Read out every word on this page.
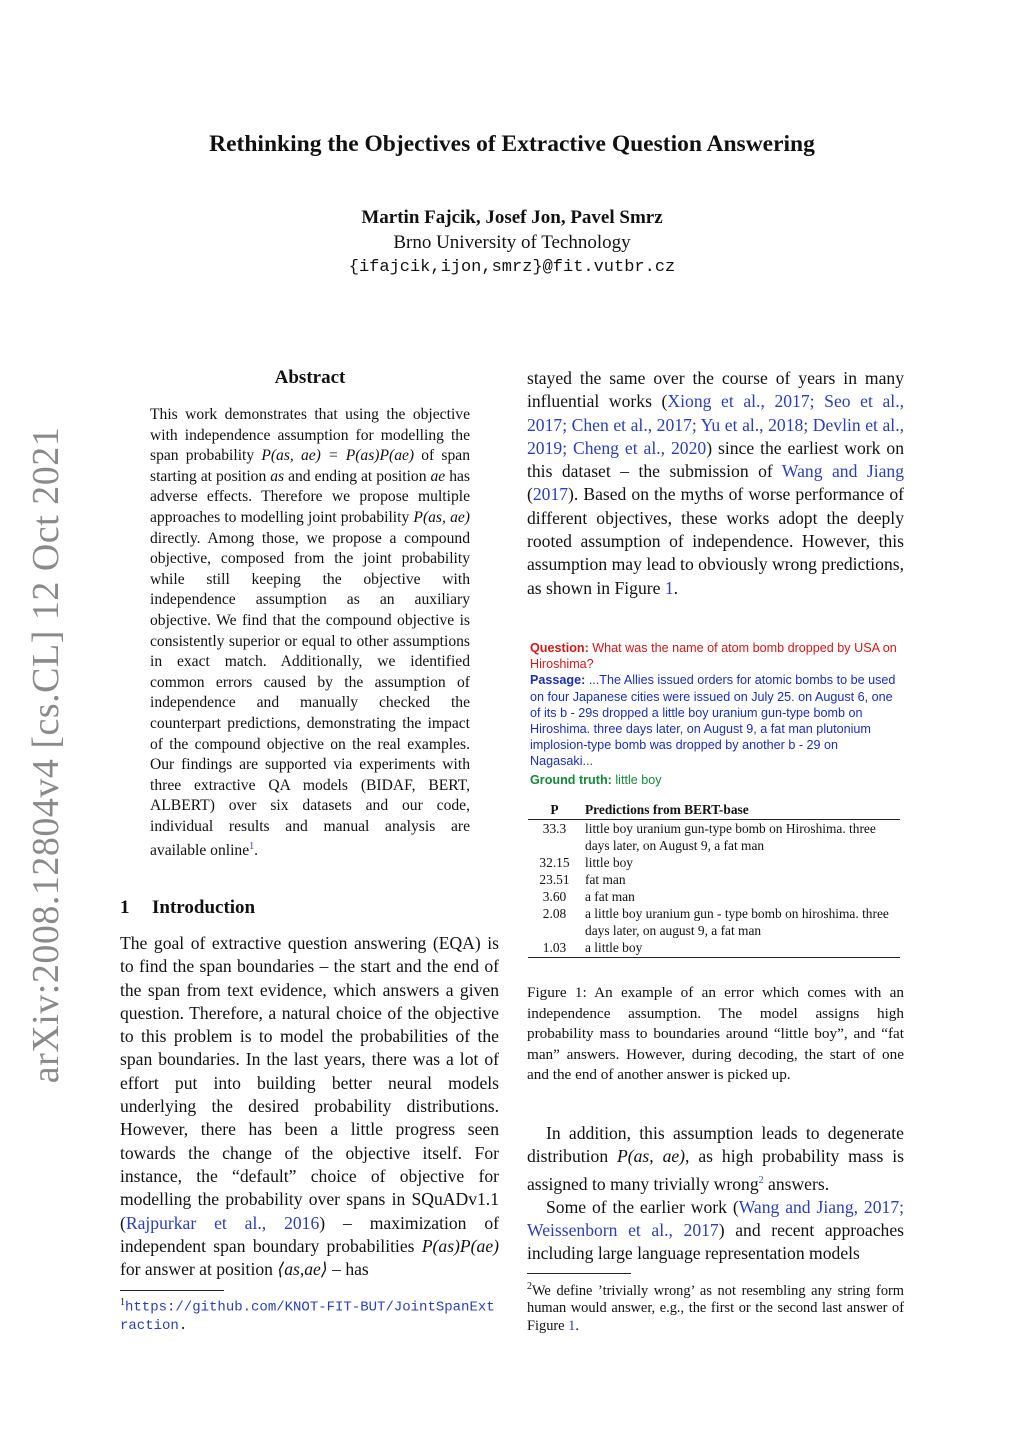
arXiv:2008.12804v4 [cs.CL] 12 Oct 2021
Rethinking the Objectives of Extractive Question Answering
Martin Fajcik, Josef Jon, Pavel Smrz
Brno University of Technology
{ifajcik,ijon,smrz}@fit.vutbr.cz
Abstract
This work demonstrates that using the objective with independence assumption for modelling the span probability P(as, ae) = P(as)P(ae) of span starting at position as and ending at position ae has adverse effects. Therefore we propose multiple approaches to modelling joint probability P(as, ae) directly. Among those, we propose a compound objective, composed from the joint probability while still keeping the objective with independence assumption as an auxiliary objective. We find that the compound objective is consistently superior or equal to other assumptions in exact match. Additionally, we identified common errors caused by the assumption of independence and manually checked the counterpart predictions, demonstrating the impact of the compound objective on the real examples. Our findings are supported via experiments with three extractive QA models (BIDAF, BERT, ALBERT) over six datasets and our code, individual results and manual analysis are available online$^1$.
1 Introduction
The goal of extractive question answering (EQA) is to find the span boundaries – the start and the end of the span from text evidence, which answers a given question. Therefore, a natural choice of the objective to this problem is to model the probabilities of the span boundaries. In the last years, there was a lot of effort put into building better neural models underlying the desired probability distributions. However, there has been a little progress seen towards the change of the objective itself. For instance, the “default” choice of objective for modelling the probability over spans in SQuADv1.1 (Rajpurkar et al., 2016) – maximization of independent span boundary probabilities P(as)P(ae) for answer at position ⟨as,ae⟩ – has
$^1$https://github.com/KNOT-FIT-BUT/JointSpanExtraction.
stayed the same over the course of years in many influential works (Xiong et al., 2017; Seo et al., 2017; Chen et al., 2017; Yu et al., 2018; Devlin et al., 2019; Cheng et al., 2020) since the earliest work on this dataset – the submission of Wang and Jiang (2017). Based on the myths of worse performance of different objectives, these works adopt the deeply rooted assumption of independence. However, this assumption may lead to obviously wrong predictions, as shown in Figure 1.
Question: What was the name of atom bomb dropped by USA on Hiroshima?
Passage: ...The Allies issued orders for atomic bombs to be used on four Japanese cities were issued on July 25. on August 6, one of its b - 29s dropped a little boy uranium gun-type bomb on Hiroshima. three days later, on August 9, a fat man plutonium implosion-type bomb was dropped by another b - 29 on Nagasaki...
Ground truth: little boy
P	Predictions from BERT-base
33.3	little boy uranium gun-type bomb on Hiroshima. three days later, on August 9, a fat man
32.15	little boy
23.51	fat man
3.60	a fat man
2.08	a little boy uranium gun - type bomb on hiroshima. three days later, on august 9, a fat man
1.03	a little boy
Figure 1: An example of an error which comes with an independence assumption. The model assigns high probability mass to boundaries around “little boy”, and “fat man” answers. However, during decoding, the start of one and the end of another answer is picked up.

In addition, this assumption leads to degenerate distribution P(as, ae), as high probability mass is assigned to many trivially wrong$^2$ answers.

Some of the earlier work (Wang and Jiang, 2017; Weissenborn et al., 2017) and recent approaches including large language representation models

$^2$We define ’trivially wrong’ as not resembling any string form human would answer, e.g., the first or the second last answer of Figure 1.
